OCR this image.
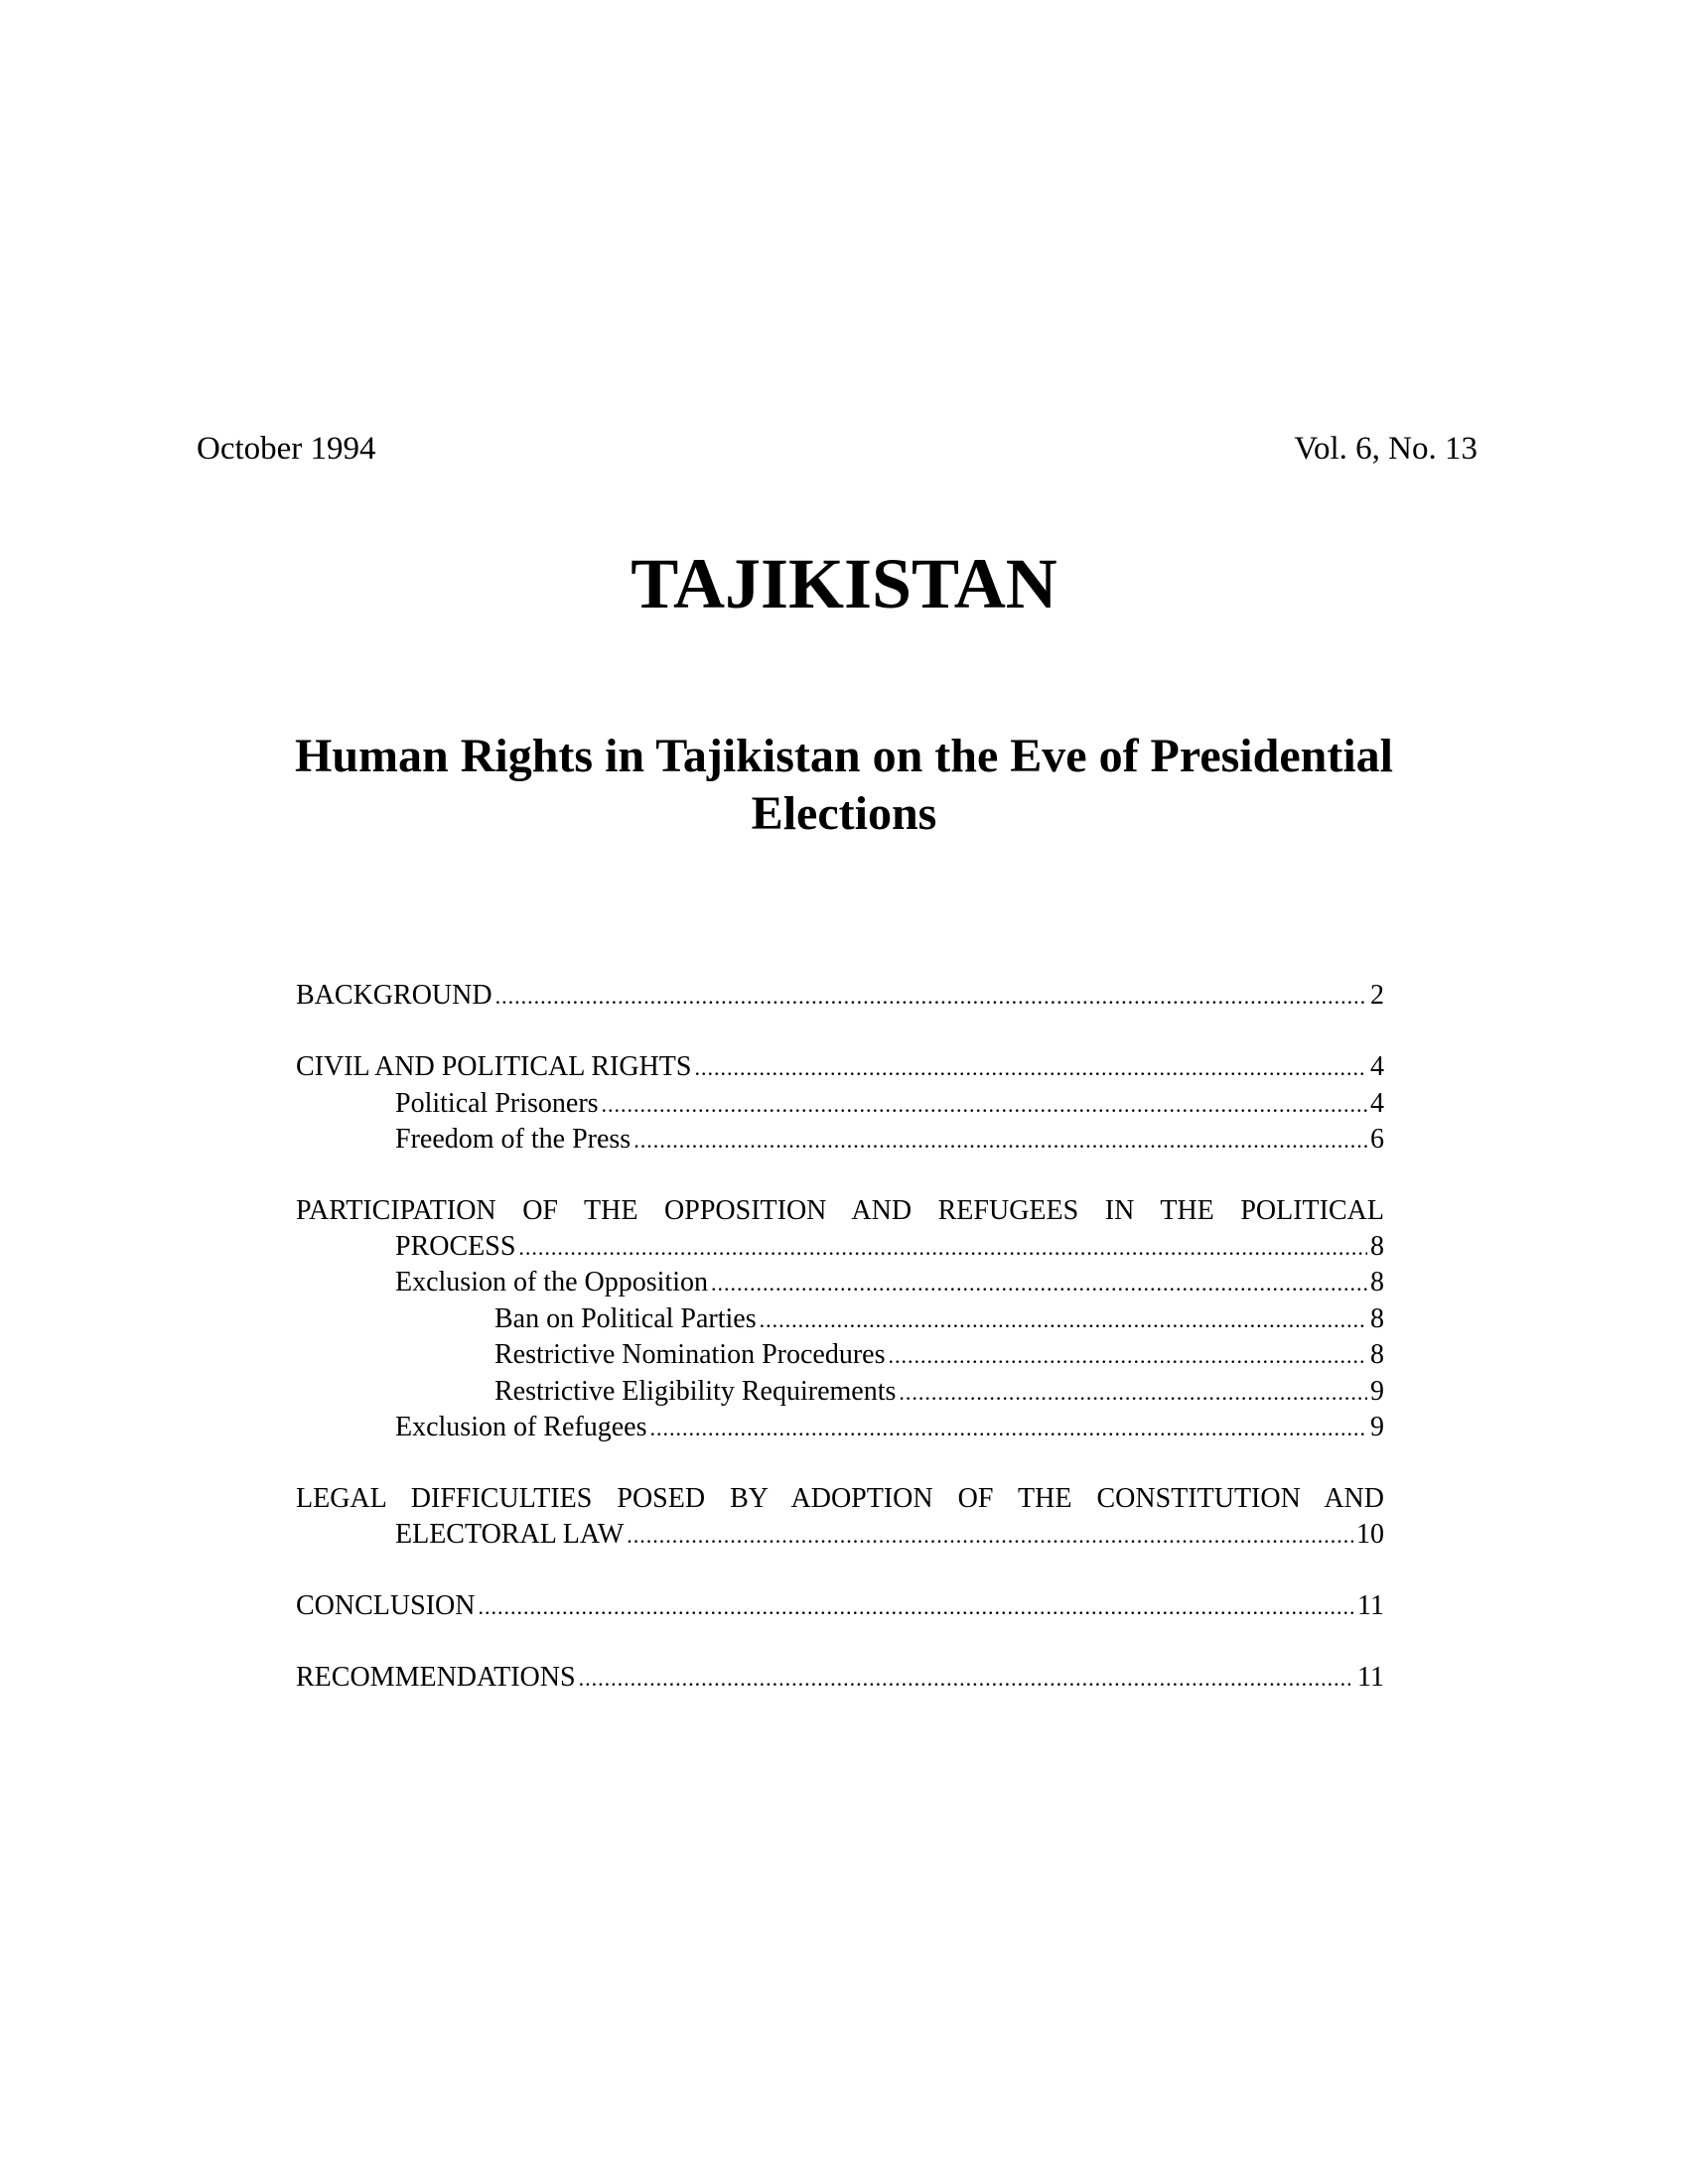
October 1994	Vol. 6, No. 13
TAJIKISTAN
Human Rights in Tajikistan on the Eve of Presidential
Elections
BACKGROUND .....	2
CIVIL AND POLITICAL RIGHTS .....	4
Political Prisoners .....	4
Freedom of the Press .....	6
PARTICIPATION OF THE OPPOSITION AND REFUGEES IN THE POLITICAL
PROCESS .....	8
Exclusion of the Opposition .....	8
Ban on Political Parties .....	8
Restrictive Nomination Procedures .....	8
Restrictive Eligibility Requirements .....	9
Exclusion of Refugees .....	9
LEGAL DIFFICULTIES POSED BY ADOPTION OF THE CONSTITUTION AND
ELECTORAL LAW .....	10
CONCLUSION .....	11
RECOMMENDATIONS .....	11
